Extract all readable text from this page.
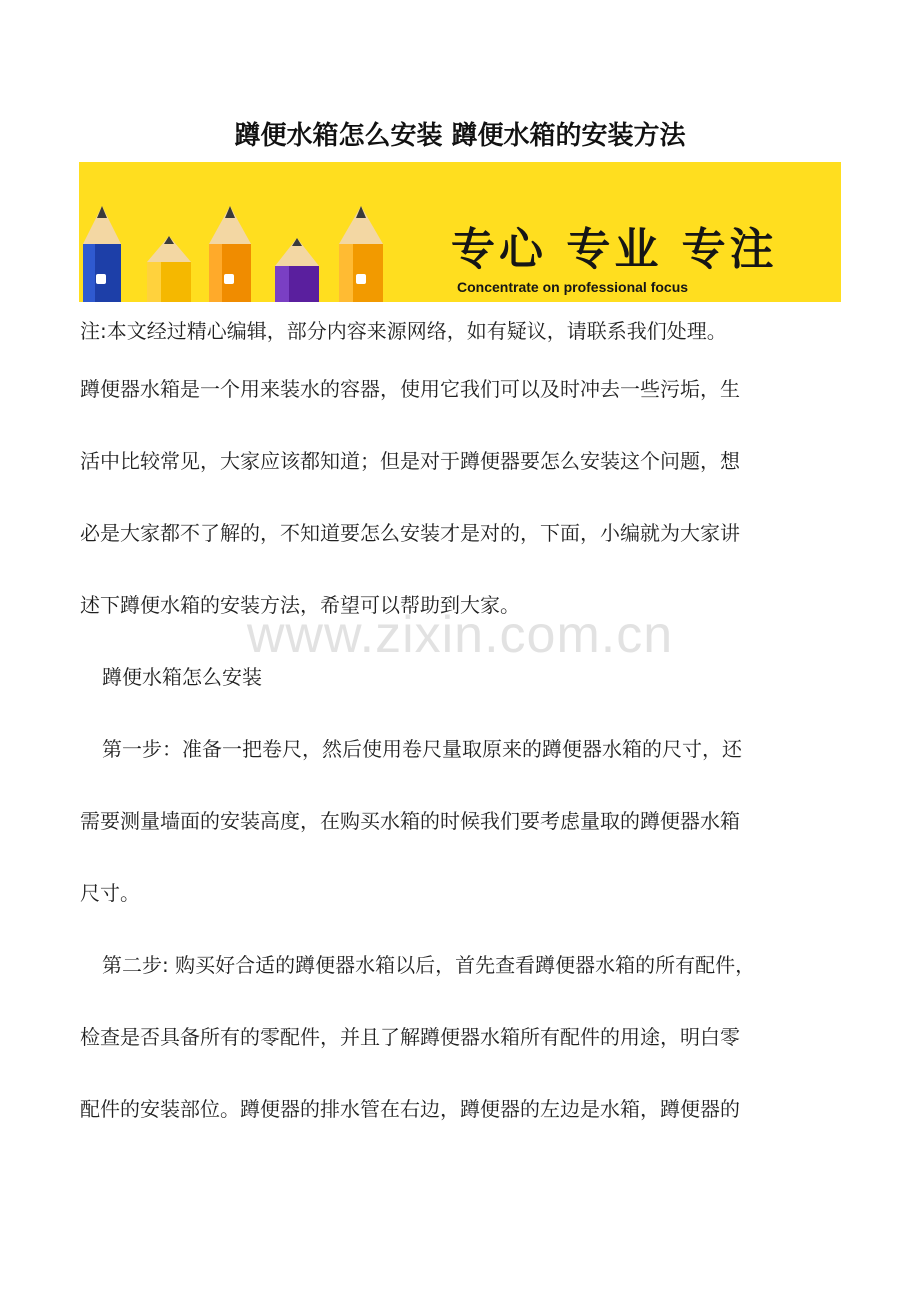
蹲便水箱怎么安装 蹲便水箱的安装方法
专心 专业 专注
Concentrate on professional focus
注:本文经过精心编辑，部分内容来源网络，如有疑议，请联系我们处理。
蹲便器水箱是一个用来装水的容器，使用它我们可以及时冲去一些污垢，生
活中比较常见，大家应该都知道；但是对于蹲便器要怎么安装这个问题，想
必是大家都不了解的，不知道要怎么安装才是对的，下面，小编就为大家讲
述下蹲便水箱的安装方法，希望可以帮助到大家。
www.zixin.com.cn
蹲便水箱怎么安装
第一步：准备一把卷尺，然后使用卷尺量取原来的蹲便器水箱的尺寸，还
需要测量墙面的安装高度，在购买水箱的时候我们要考虑量取的蹲便器水箱
尺寸。
第二步: 购买好合适的蹲便器水箱以后，首先查看蹲便器水箱的所有配件，
检查是否具备所有的零配件，并且了解蹲便器水箱所有配件的用途，明白零
配件的安装部位。蹲便器的排水管在右边，蹲便器的左边是水箱，蹲便器的
